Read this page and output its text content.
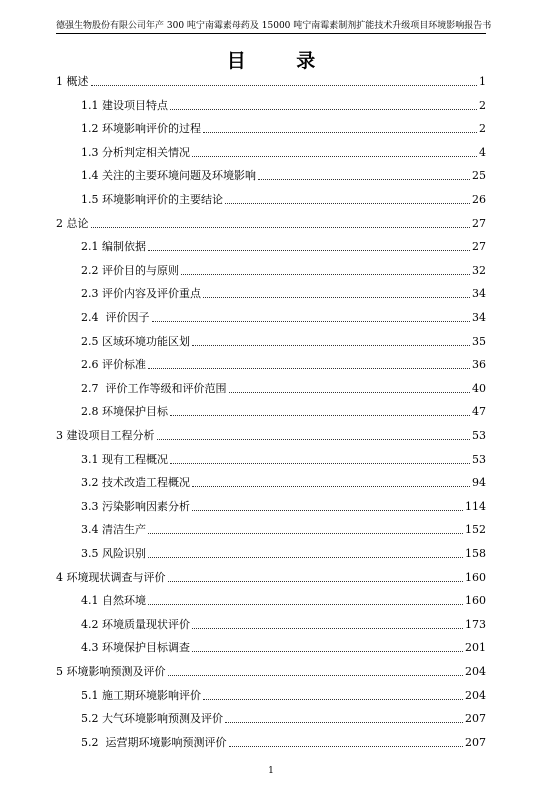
德强生物股份有限公司年产 300 吨宁南霉素母药及 15000 吨宁南霉素制剂扩能技术升级项目环境影响报告书
目 录
1 概述	1
1.1 建设项目特点	2
1.2 环境影响评价的过程	2
1.3 分析判定相关情况	4
1.4 关注的主要环境问题及环境影响	25
1.5 环境影响评价的主要结论	26
2 总论	27
2.1 编制依据	27
2.2 评价目的与原则	32
2.3 评价内容及评价重点	34
2.4  评价因子	34
2.5 区域环境功能区划	35
2.6 评价标准	36
2.7  评价工作等级和评价范围	40
2.8 环境保护目标	47
3 建设项目工程分析	53
3.1 现有工程概况	53
3.2 技术改造工程概况	94
3.3 污染影响因素分析	114
3.4 清洁生产	152
3.5 风险识别	158
4 环境现状调查与评价	160
4.1 自然环境	160
4.2 环境质量现状评价	173
4.3 环境保护目标调查	201
5 环境影响预测及评价	204
5.1 施工期环境影响评价	204
5.2 大气环境影响预测及评价	207
5.2  运营期环境影响预测评价	207
1
